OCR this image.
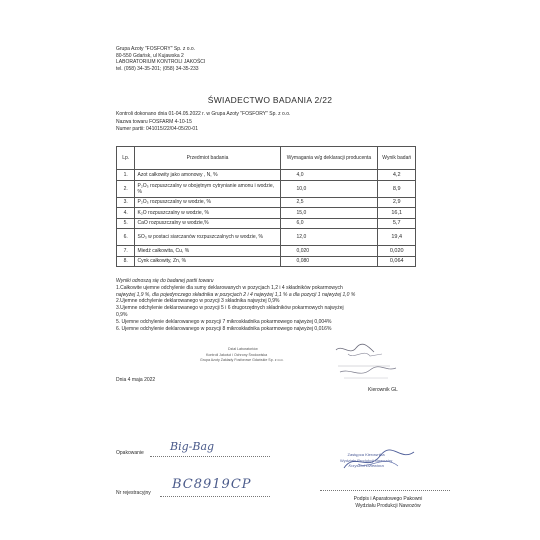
Grupa Azoty "FOSFORY" Sp. z o.o.
80-550 Gdańsk, ul Kujawska 2
LABORATORIUM KONTROLI JAKOŚCI
tel. (058) 34-35-201; (058) 34-35-233
ŚWIADECTWO BADANIA 2/22
Kontroli dokonano dnia 01-04.05.2022 r. w Grupa Azoty "FOSFORY" Sp. z o.o.
Nazwa towaru FOSFARM 4-10-15
Numer partii: 041015/22/04-05/20-01
Lp.	Przedmiot badania	Wymagania w/g deklaracji producenta	Wynik badań
1.	Azot całkowity jako amonowy , N, %	4,0	4,2
2.	P₂O₅ rozpuszczalny w obojętnym cytrynianie amonu i wodzie, %	10,0	8,9
3.	P₂O₅ rozpuszczalny w wodzie, %	2,5	2,9
4.	K₂O rozpuszczalny w wodzie, %	15,0	16,1
5.	CaO rozpuszczalny w wodzie,%	6,0	5,7
6.	SO₃ w postaci siarczanów rozpuszczalnych w wodzie, %	12,0	19,4
7.	Miedź całkowita, Cu, %	0,020	0,020
8.	Cynk całkowity, Zn, %	0,080	0,064
Wyniki odnoszą się do badanej partii towaru
1.Całkowite ujemne odchylenie dla sumy deklarowanych w pozycjach 1,2 i 4 składników pokarmowych
najwyżej 1,9 %, dla pojedynczego składnika w pozycjach 2 i 4 najwyżej 1,1 % a dla pozycji 1 najwyżej 1,0 %
2.Ujemne odchylenie deklarowanego w pozycji 3 składnika najwyżej 0,9%
3.Ujemne odchylenie deklarowanego w pozycji 5 i 6 drugorzędnych składników pokarmowych najwyżej
0,9%
5. Ujemne odchylenie deklarowanego w pozycji 7 mikroskładnika pokarmowego najwyżej 0,004%
6. Ujemne odchylenie deklarowanego w pozycji 8 mikroskładnika pokarmowego najwyżej 0,016%
Dział Laboratoriów
Kontroli Jakości i Ochrony Środowiska
Grupa Azoty Zakłady Fosforowe Gdańskie Sp. z o.o.
Dnia 4 maja 2022
Kierownik GL
Opakowanie Big-Bag
Nr rejestracyjny
BC8919CP
Zastępca Kierownika
Wydziału Produkcji Nawozów
Krzysztof Dziewiora
Podpis i Aparatowego Pakowni
Wydziału Produkcji Nawozów
